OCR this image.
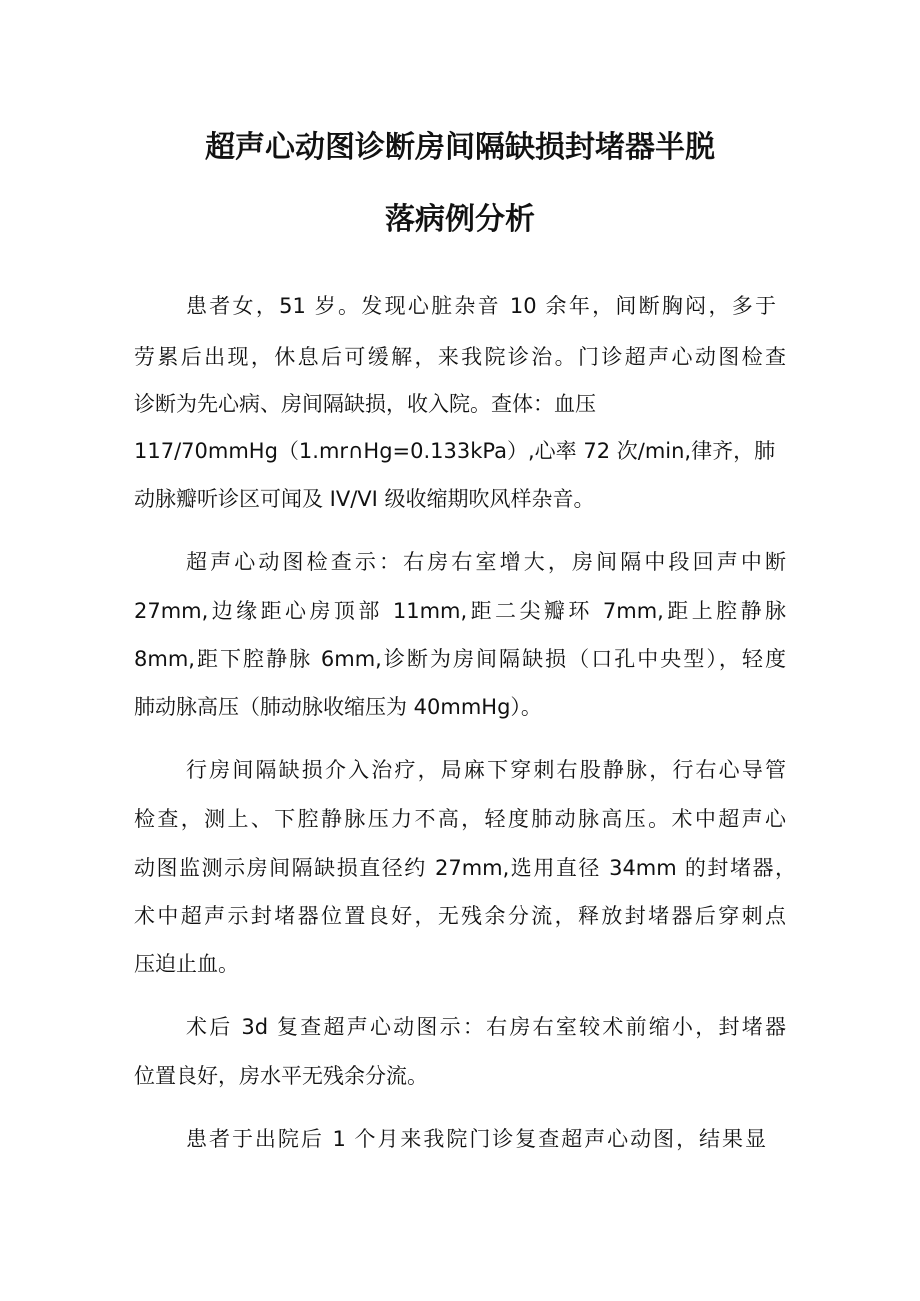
超声心动图诊断房间隔缺损封堵器半脱
落病例分析
患者女，51 岁。发现心脏杂音 10 余年，间断胸闷，多于
劳累后出现，休息后可缓解，来我院诊治。门诊超声心动图检查
诊断为先心病、房间隔缺损，收入院。查体：血压
117/70mmHg（1.mr∩Hg=0.133kPa）,心率 72 次∕min,律齐，肺
动脉瓣听诊区可闻及 IV/VI 级收缩期吹风样杂音。
超声心动图检查示：右房右室增大，房间隔中段回声中断
27mm,边缘距心房顶部 11mm,距二尖瓣环 7mm,距上腔静脉
8mm,距下腔静脉 6mm,诊断为房间隔缺损（口孔中央型），轻度
肺动脉高压（肺动脉收缩压为 40mmHg）。
行房间隔缺损介入治疗，局麻下穿刺右股静脉，行右心导管
检查，测上、下腔静脉压力不高，轻度肺动脉高压。术中超声心
动图监测示房间隔缺损直径约 27mm,选用直径 34mm 的封堵器，
术中超声示封堵器位置良好，无残余分流，释放封堵器后穿刺点
压迫止血。
术后 3d 复查超声心动图示：右房右室较术前缩小，封堵器
位置良好，房水平无残余分流。
患者于出院后 1 个月来我院门诊复查超声心动图，结果显
